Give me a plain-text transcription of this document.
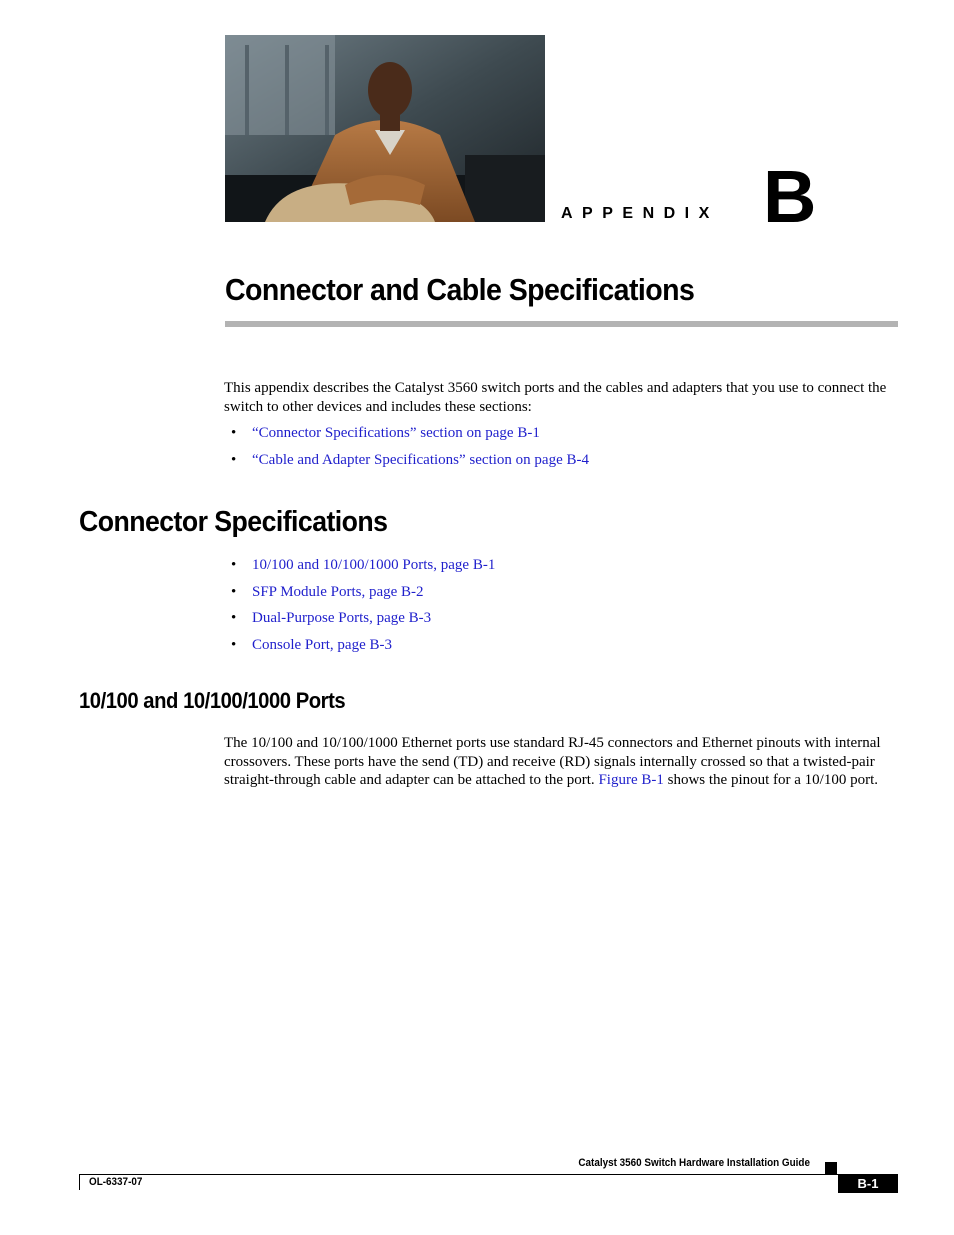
APPENDIX B
Connector and Cable Specifications
This appendix describes the Catalyst 3560 switch ports and the cables and adapters that you use to connect the switch to other devices and includes these sections:
• “Connector Specifications” section on page B-1
• “Cable and Adapter Specifications” section on page B-4
Connector Specifications
• 10/100 and 10/100/1000 Ports, page B-1
• SFP Module Ports, page B-2
• Dual-Purpose Ports, page B-3
• Console Port, page B-3
10/100 and 10/100/1000 Ports
The 10/100 and 10/100/1000 Ethernet ports use standard RJ-45 connectors and Ethernet pinouts with internal crossovers. These ports have the send (TD) and receive (RD) signals internally crossed so that a twisted-pair straight-through cable and adapter can be attached to the port. Figure B-1 shows the pinout for a 10/100 port.
Catalyst 3560 Switch Hardware Installation Guide
OL-6337-07	B-1
